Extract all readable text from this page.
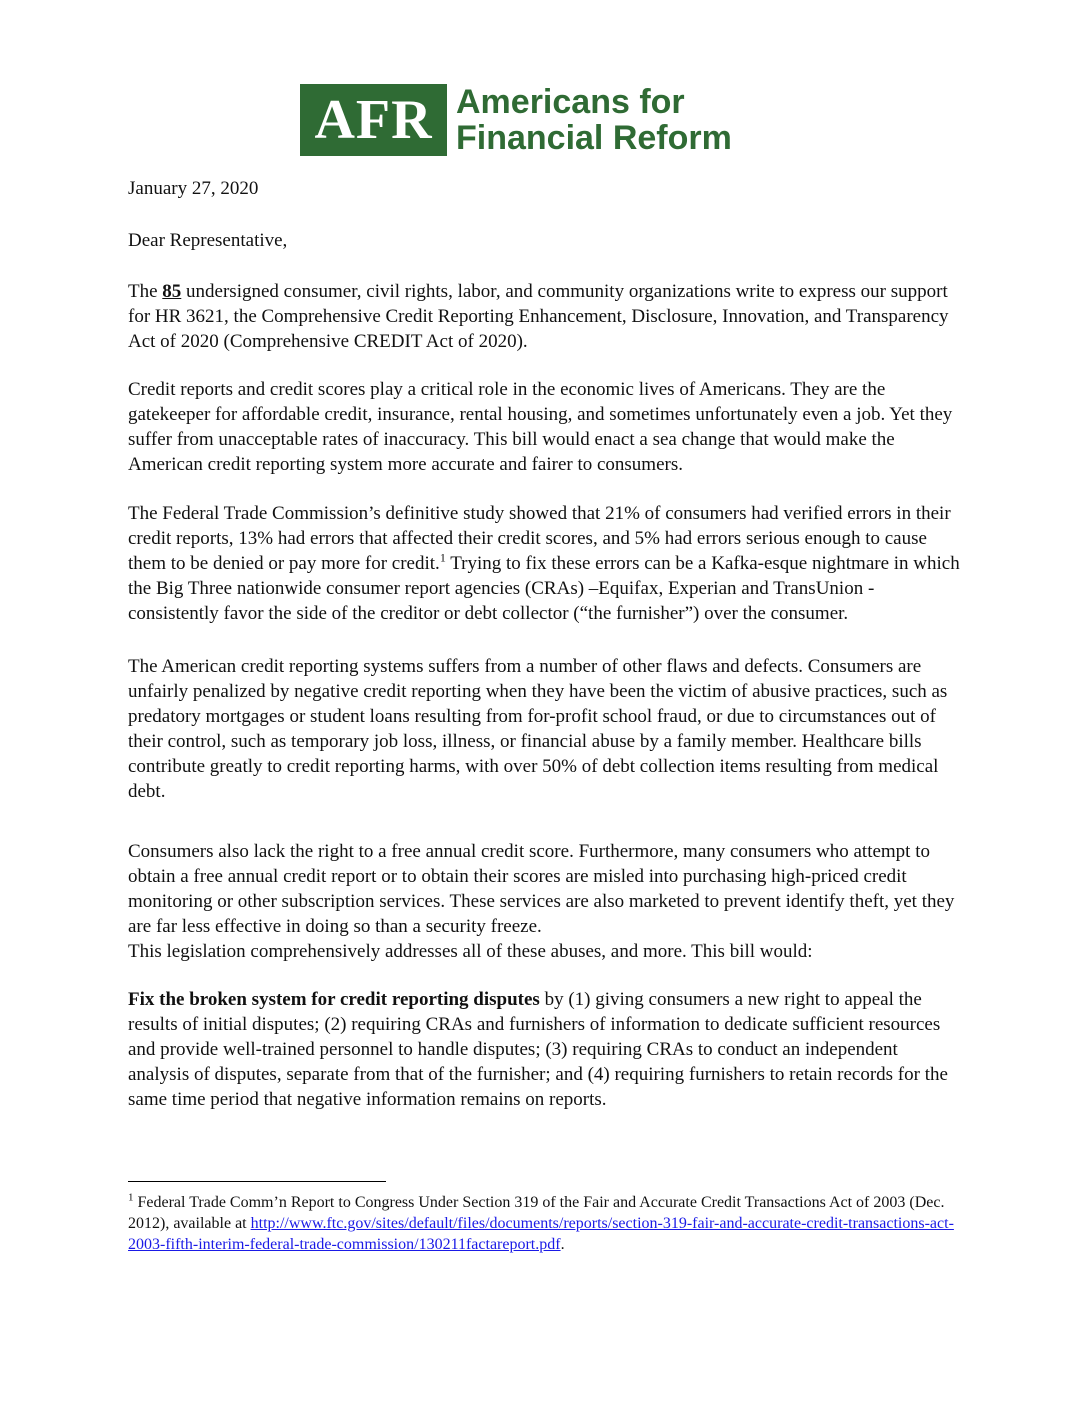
AFR Americans for
Financial Reform

January 27, 2020

Dear Representative,

The 85 undersigned consumer, civil rights, labor, and community organizations write to express our support for HR 3621, the Comprehensive Credit Reporting Enhancement, Disclosure, Innovation, and Transparency Act of 2020 (Comprehensive CREDIT Act of 2020).

Credit reports and credit scores play a critical role in the economic lives of Americans. They are the gatekeeper for affordable credit, insurance, rental housing, and sometimes unfortunately even a job. Yet they suffer from unacceptable rates of inaccuracy. This bill would enact a sea change that would make the American credit reporting system more accurate and fairer to consumers.

The Federal Trade Commission’s definitive study showed that 21% of consumers had verified errors in their credit reports, 13% had errors that affected their credit scores, and 5% had errors serious enough to cause them to be denied or pay more for credit.$^1$ Trying to fix these errors can be a Kafka-esque nightmare in which the Big Three nationwide consumer report agencies (CRAs) –Equifax, Experian and TransUnion - consistently favor the side of the creditor or debt collector (“the furnisher”) over the consumer.

The American credit reporting systems suffers from a number of other flaws and defects. Consumers are unfairly penalized by negative credit reporting when they have been the victim of abusive practices, such as predatory mortgages or student loans resulting from for-profit school fraud, or due to circumstances out of their control, such as temporary job loss, illness, or financial abuse by a family member. Healthcare bills contribute greatly to credit reporting harms, with over 50% of debt collection items resulting from medical debt.

Consumers also lack the right to a free annual credit score. Furthermore, many consumers who attempt to obtain a free annual credit report or to obtain their scores are misled into purchasing high-priced credit monitoring or other subscription services. These services are also marketed to prevent identify theft, yet they are far less effective in doing so than a security freeze.
This legislation comprehensively addresses all of these abuses, and more. This bill would:

Fix the broken system for credit reporting disputes by (1) giving consumers a new right to appeal the results of initial disputes; (2) requiring CRAs and furnishers of information to dedicate sufficient resources and provide well-trained personnel to handle disputes; (3) requiring CRAs to conduct an independent analysis of disputes, separate from that of the furnisher; and (4) requiring furnishers to retain records for the same time period that negative information remains on reports.

$^1$ Federal Trade Comm’n Report to Congress Under Section 319 of the Fair and Accurate Credit Transactions Act of 2003 (Dec. 2012), available at http://www.ftc.gov/sites/default/files/documents/reports/section-319-fair-and-accurate-credit-transactions-act-2003-fifth-interim-federal-trade-commission/130211factareport.pdf.
